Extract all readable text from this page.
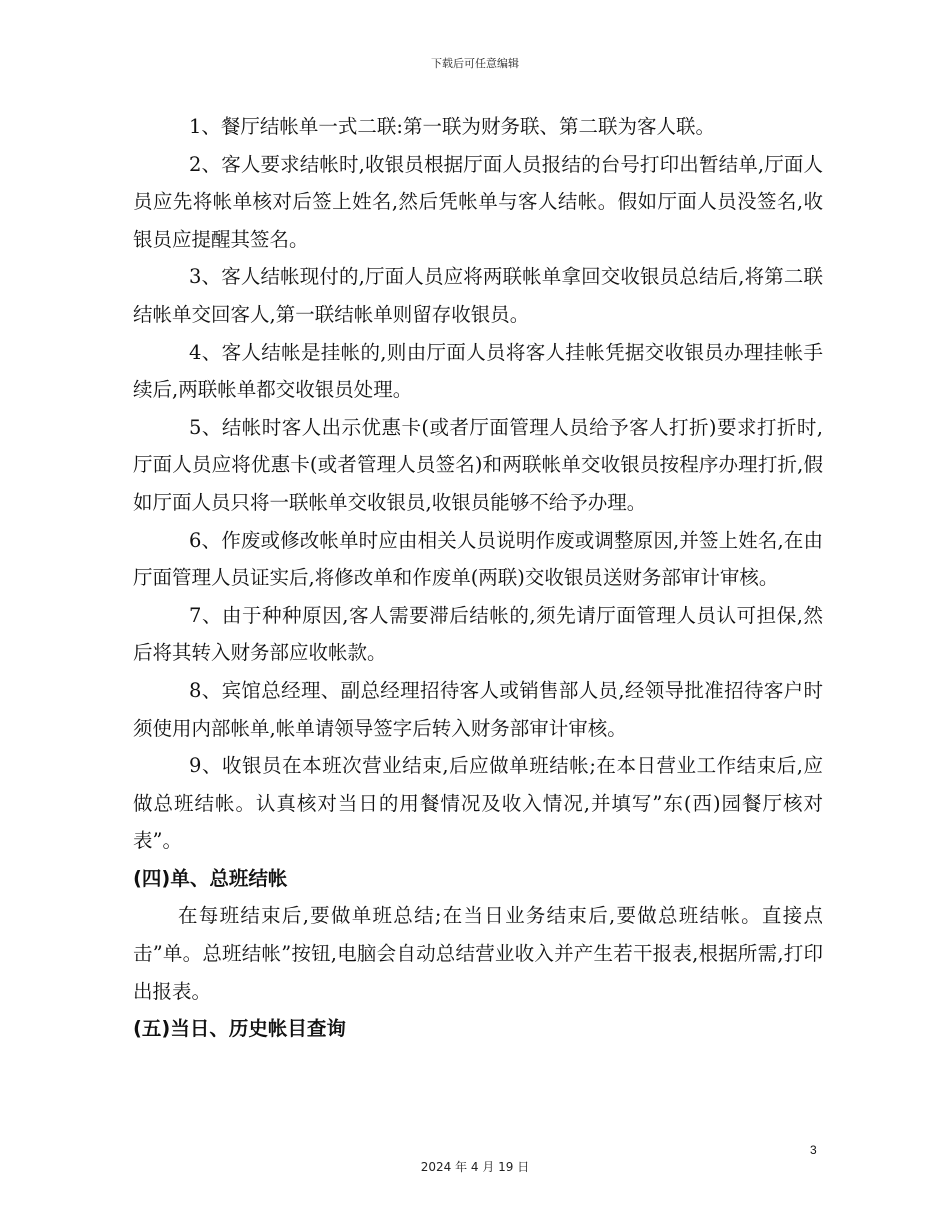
下载后可任意编辑

1、餐厅结帐单一式二联:第一联为财务联、第二联为客人联。

2、客人要求结帐时,收银员根据厅面人员报结的台号打印出暂结单,厅面人员应先将帐单核对后签上姓名,然后凭帐单与客人结帐。假如厅面人员没签名,收银员应提醒其签名。

3、客人结帐现付的,厅面人员应将两联帐单拿回交收银员总结后,将第二联结帐单交回客人,第一联结帐单则留存收银员。

4、客人结帐是挂帐的,则由厅面人员将客人挂帐凭据交收银员办理挂帐手续后,两联帐单都交收银员处理。

5、结帐时客人出示优惠卡(或者厅面管理人员给予客人打折)要求打折时,厅面人员应将优惠卡(或者管理人员签名)和两联帐单交收银员按程序办理打折,假如厅面人员只将一联帐单交收银员,收银员能够不给予办理。

6、作废或修改帐单时应由相关人员说明作废或调整原因,并签上姓名,在由厅面管理人员证实后,将修改单和作废单(两联)交收银员送财务部审计审核。

7、由于种种原因,客人需要滞后结帐的,须先请厅面管理人员认可担保,然后将其转入财务部应收帐款。

8、宾馆总经理、副总经理招待客人或销售部人员,经领导批准招待客户时须使用内部帐单,帐单请领导签字后转入财务部审计审核。

9、收银员在本班次营业结束,后应做单班结帐;在本日营业工作结束后,应做总班结帐。认真核对当日的用餐情况及收入情况,并填写”东(西)园餐厅核对表”。

(四)单、总班结帐

在每班结束后,要做单班总结;在当日业务结束后,要做总班结帐。直接点击”单。总班结帐”按钮,电脑会自动总结营业收入并产生若干报表,根据所需,打印出报表。

(五)当日、历史帐目查询
3
2024 年 4 月 19 日
